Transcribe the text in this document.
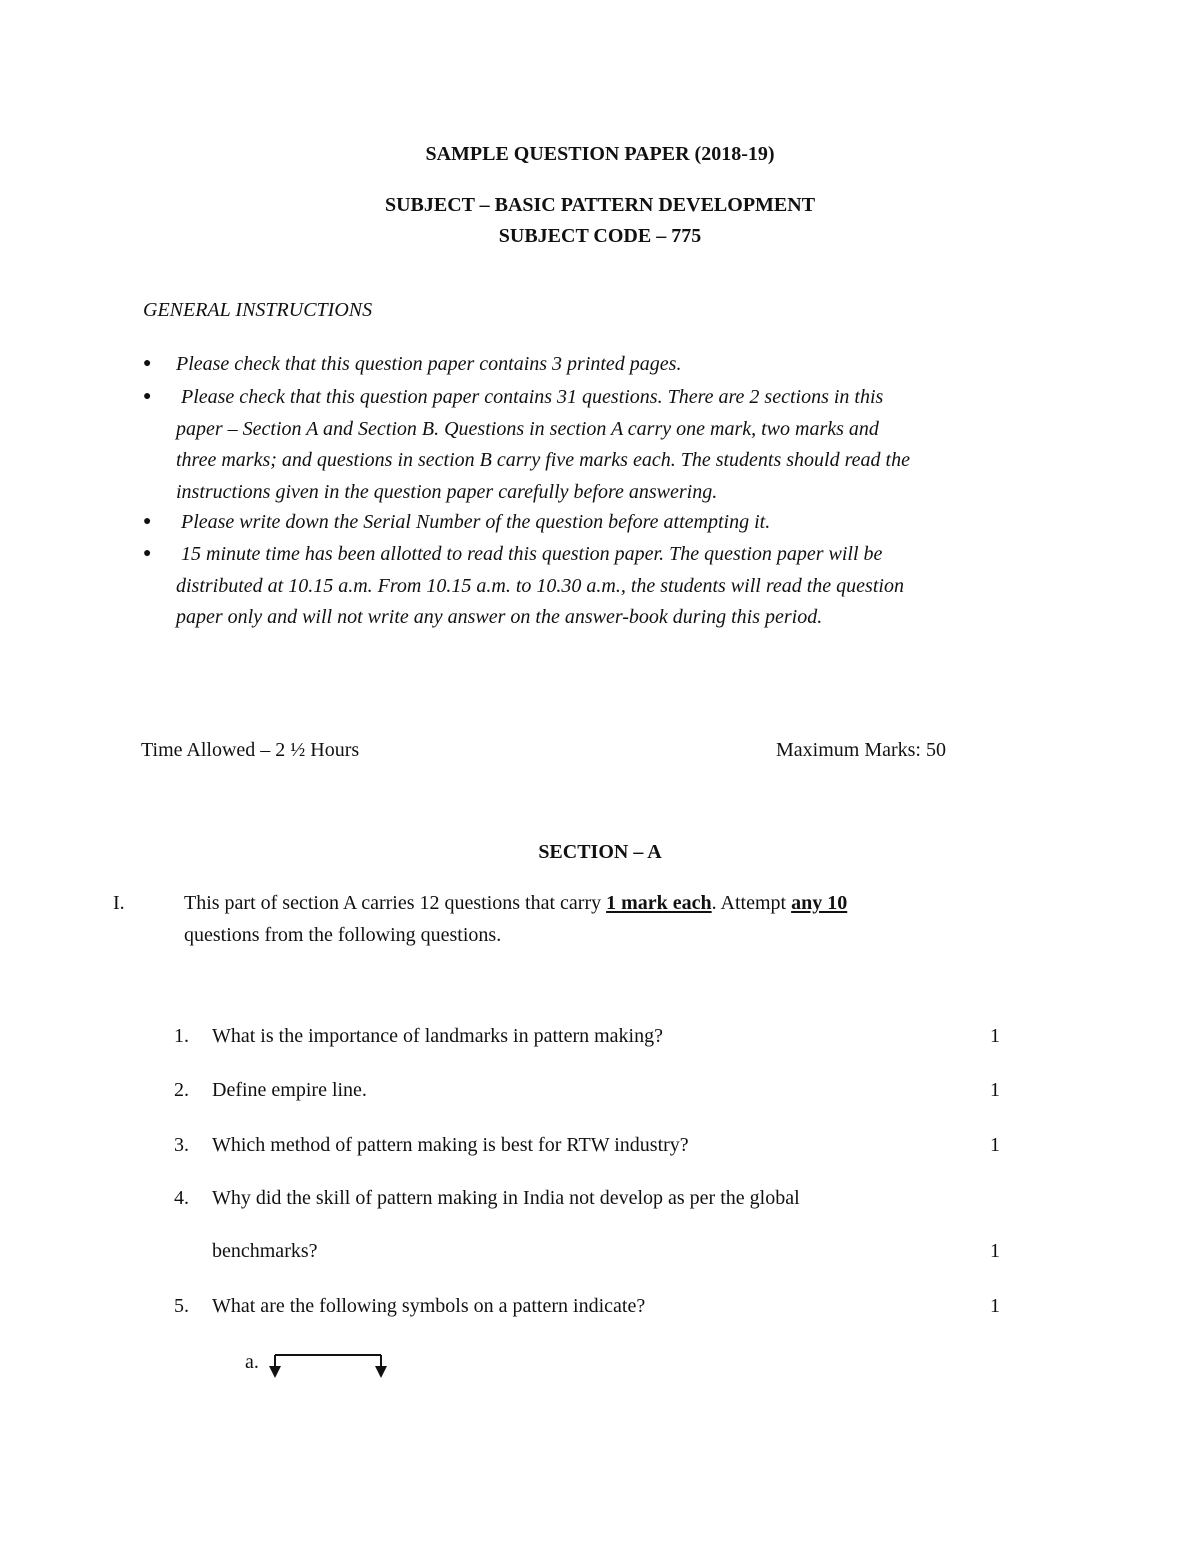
SAMPLE QUESTION PAPER (2018-19)
SUBJECT – BASIC PATTERN DEVELOPMENT
SUBJECT CODE – 775
GENERAL INSTRUCTIONS
● Please check that this question paper contains 3 printed pages.
● Please check that this question paper contains 31 questions. There are 2 sections in this
paper – Section A and Section B. Questions in section A carry one mark, two marks and
three marks; and questions in section B carry five marks each. The students should read the
instructions given in the question paper carefully before answering.
● Please write down the Serial Number of the question before attempting it.
● 15 minute time has been allotted to read this question paper. The question paper will be
distributed at 10.15 a.m. From 10.15 a.m. to 10.30 a.m., the students will read the question
paper only and will not write any answer on the answer-book during this period.
Time Allowed – 2 ½ Hours	Maximum Marks: 50
SECTION – A
I.	This part of section A carries 12 questions that carry 1 mark each. Attempt any 10
questions from the following questions.
1. What is the importance of landmarks in pattern making?	1
2. Define empire line.	1
3. Which method of pattern making is best for RTW industry?	1
4. Why did the skill of pattern making in India not develop as per the global
benchmarks?	1
5. What are the following symbols on a pattern indicate?	1
a.
